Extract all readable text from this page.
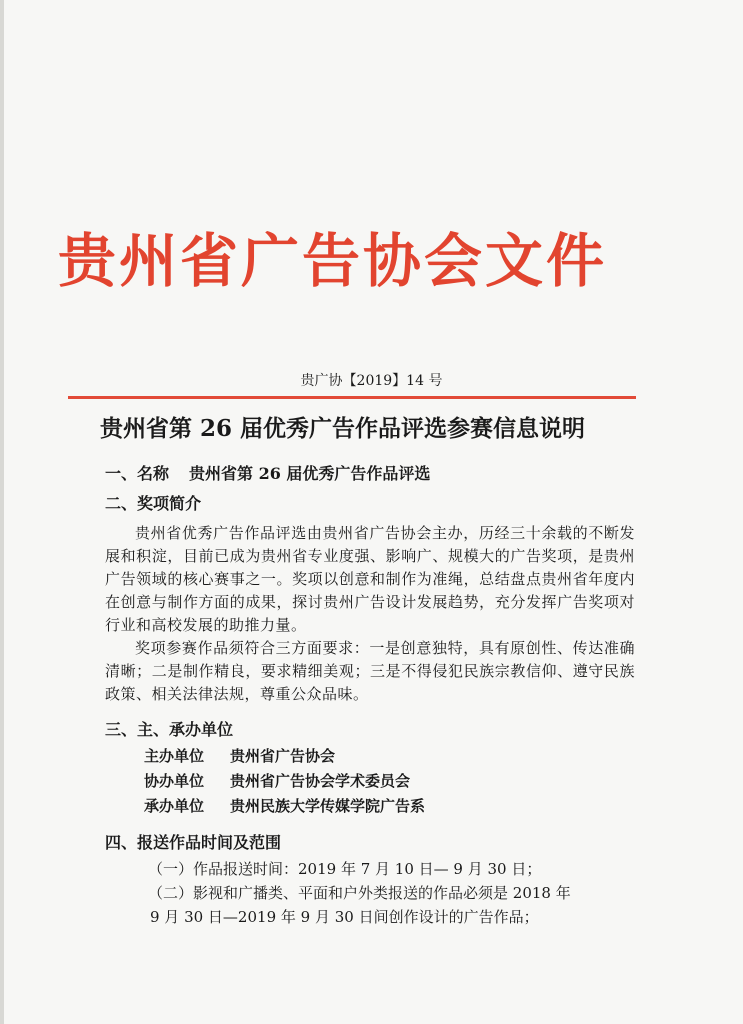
贵州省广告协会文件
贵广协【2019】14 号
贵州省第 26 届优秀广告作品评选参赛信息说明
一、名称 贵州省第 26 届优秀广告作品评选
二、奖项简介
贵州省优秀广告作品评选由贵州省广告协会主办，历经三十余载的不断发展和积淀，目前已成为贵州省专业度强、影响广、规模大的广告奖项，是贵州广告领域的核心赛事之一。奖项以创意和制作为准绳，总结盘点贵州省年度内在创意与制作方面的成果，探讨贵州广告设计发展趋势，充分发挥广告奖项对行业和高校发展的助推力量。
奖项参赛作品须符合三方面要求：一是创意独特，具有原创性、传达准确清晰；二是制作精良，要求精细美观；三是不得侵犯民族宗教信仰、遵守民族政策、相关法律法规，尊重公众品味。
三、主、承办单位
主办单位 贵州省广告协会
协办单位 贵州省广告协会学术委员会
承办单位 贵州民族大学传媒学院广告系
四、报送作品时间及范围
（一）作品报送时间：2019 年 7 月 10 日— 9 月 30 日；
（二）影视和广播类、平面和户外类报送的作品必须是 2018 年
9 月 30 日—2019 年 9 月 30 日间创作设计的广告作品；
